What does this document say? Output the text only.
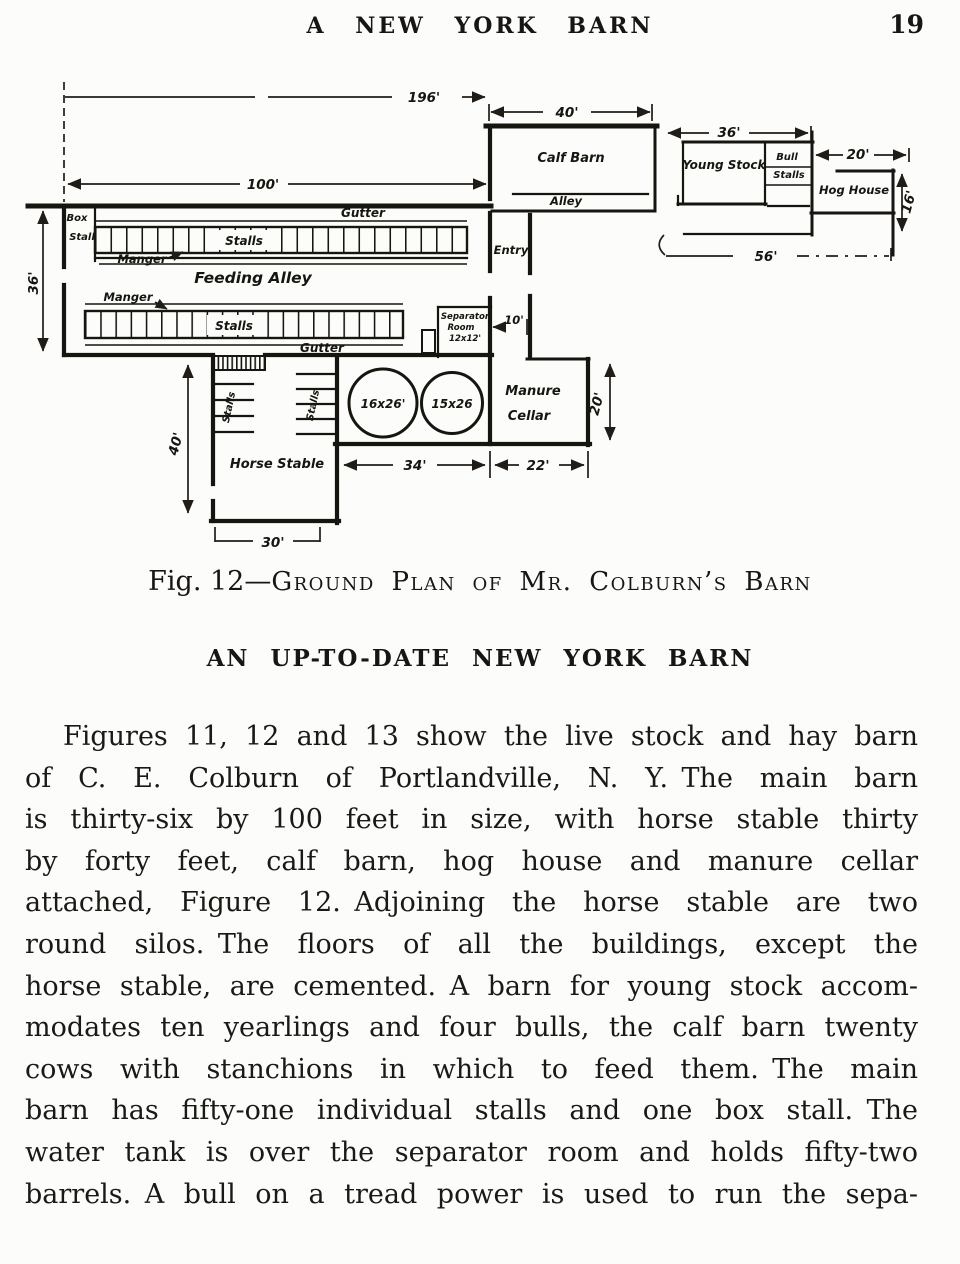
A NEW YORK BARN	19
196'
100'
36'
40'
36'
20'
16'
56'
10'
20'
34'	22'
40'
30'
Box
Stall
Gutter
Stalls
Manger
Feeding Alley
Manger
Stalls
Gutter
Calf Barn
Alley
Entry
Young Stock
Bull
Stalls
Hog House
Separator
Room
12x12'
16x26' 15x26
Manure
Cellar
Stalls	Stalls
Horse Stable
Fig. 12—Ground Plan of Mr. Colburn’s Barn
AN UP-TO-DATE NEW YORK BARN
Figures 11, 12 and 13 show the live stock and hay barn
of C. E. Colburn of Portlandville, N. Y. The main barn
is thirty-six by 100 feet in size, with horse stable thirty
by forty feet, calf barn, hog house and manure cellar
attached, Figure 12. Adjoining the horse stable are two
round silos. The floors of all the buildings, except the
horse stable, are cemented. A barn for young stock accom-
modates ten yearlings and four bulls, the calf barn twenty
cows with stanchions in which to feed them. The main
barn has fifty-one individual stalls and one box stall. The
water tank is over the separator room and holds fifty-two
barrels. A bull on a tread power is used to run the sepa-
